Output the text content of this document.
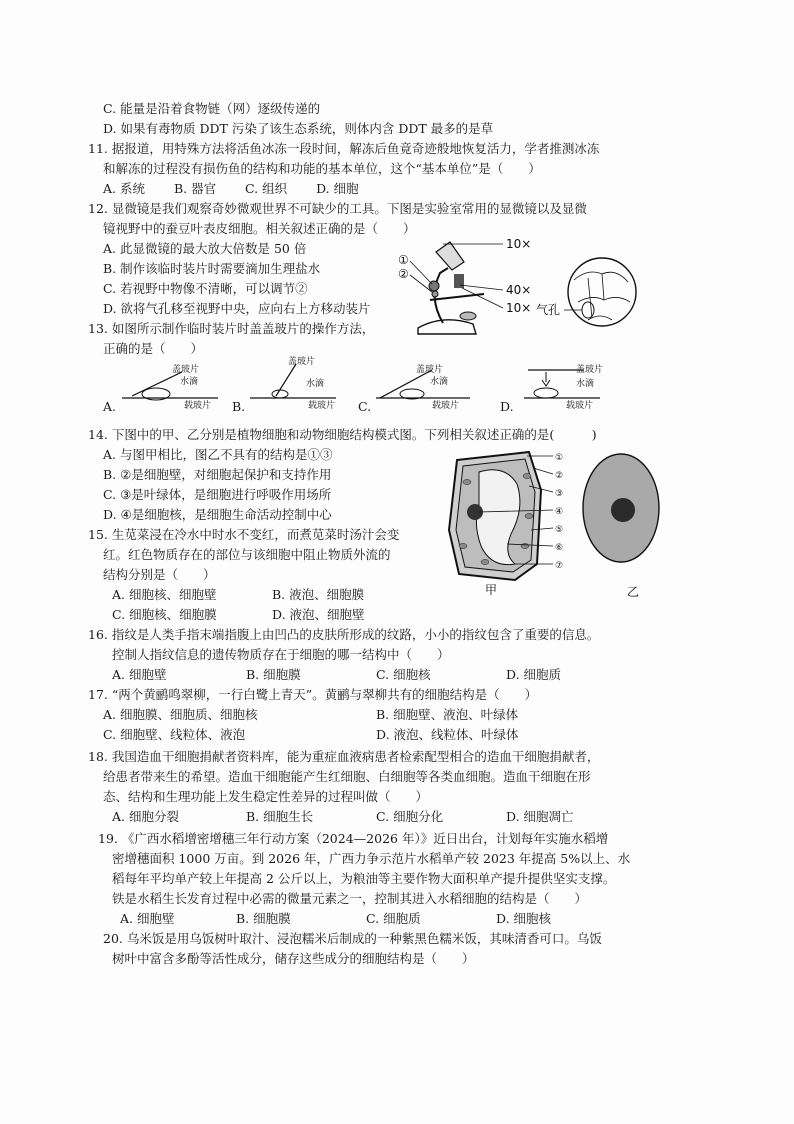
C. 能量是沿着食物链（网）逐级传递的
D. 如果有毒物质 DDT 污染了该生态系统，则体内含 DDT 最多的是草
11. 据报道，用特殊方法将活鱼冰冻一段时间，解冻后鱼竟奇迹般地恢复活力，学者推测冰冻
和解冻的过程没有损伤鱼的结构和功能的基本单位，这个“基本单位”是（　　）
A. 系统　　 B. 器官　　 C. 组织　　 D. 细胞
12. 显微镜是我们观察奇妙微观世界不可缺少的工具。下图是实验室常用的显微镜以及显微
镜视野中的蚕豆叶表皮细胞。相关叙述正确的是（　　）
A. 此显微镜的最大放大倍数是 50 倍
B. 制作该临时装片时需要滴加生理盐水
C. 若视野中物像不清晰，可以调节②
D. 欲将气孔移至视野中央，应向右上方移动装片
13. 如图所示制作临时装片时盖盖玻片的操作方法，
正确的是（　　）
10×
40×
10×
①
②
气孔
A.
盖玻片
水滴
载玻片 B.
盖玻片
水滴
载玻片 C.
盖玻片
水滴
载玻片	D.
盖玻片
水滴
载玻片
14. 下图中的甲、乙分别是植物细胞和动物细胞结构模式图。下列相关叙述正确的是(　　　)
A. 与图甲相比，图乙不具有的结构是①③
B. ②是细胞壁，对细胞起保护和支持作用
C. ③是叶绿体，是细胞进行呼吸作用场所
D. ④是细胞核，是细胞生命活动控制中心
15. 生苋菜浸在冷水中时水不变红，而煮苋菜时汤汁会变
红。红色物质存在的部位与该细胞中阻止物质外流的
结构分别是（　　）
A. 细胞核、细胞壁	B. 液泡、细胞膜
C. 细胞核、细胞膜	D. 液泡、细胞壁
①
②
③
④
⑤
⑥
⑦
甲	乙
16. 指纹是人类手指末端指腹上由凹凸的皮肤所形成的纹路，小小的指纹包含了重要的信息。
控制人指纹信息的遗传物质存在于细胞的哪一结构中（　　）
A. 细胞壁	B. 细胞膜	C. 细胞核	D. 细胞质
17. “两个黄鹂鸣翠柳，一行白鹭上青天”。黄鹂与翠柳共有的细胞结构是（　　）
A. 细胞膜、细胞质、细胞核	B. 细胞壁、液泡、叶绿体
C. 细胞壁、线粒体、液泡	D. 液泡、线粒体、叶绿体
18. 我国造血干细胞捐献者资料库，能为重症血液病患者检索配型相合的造血干细胞捐献者，
给患者带来生的希望。造血干细胞能产生红细胞、白细胞等各类血细胞。造血干细胞在形
态、结构和生理功能上发生稳定性差异的过程叫做（　　）
A. 细胞分裂	B. 细胞生长	C. 细胞分化	D. 细胞凋亡
19. 《广西水稻增密增穗三年行动方案（2024—2026 年）》近日出台，计划每年实施水稻增
密增穗面积 1000 万亩。到 2026 年，广西力争示范片水稻单产较 2023 年提高 5%以上、水
稻每年平均单产较上年提高 2 公斤以上，为粮油等主要作物大面积单产提升提供坚实支撑。
铁是水稻生长发育过程中必需的微量元素之一，控制其进入水稻细胞的结构是（　　）
A. 细胞壁	B. 细胞膜	C. 细胞质	D. 细胞核
20. 乌米饭是用乌饭树叶取汁、浸泡糯米后制成的一种紫黑色糯米饭，其味清香可口。乌饭
树叶中富含多酚等活性成分，储存这些成分的细胞结构是（　　）
